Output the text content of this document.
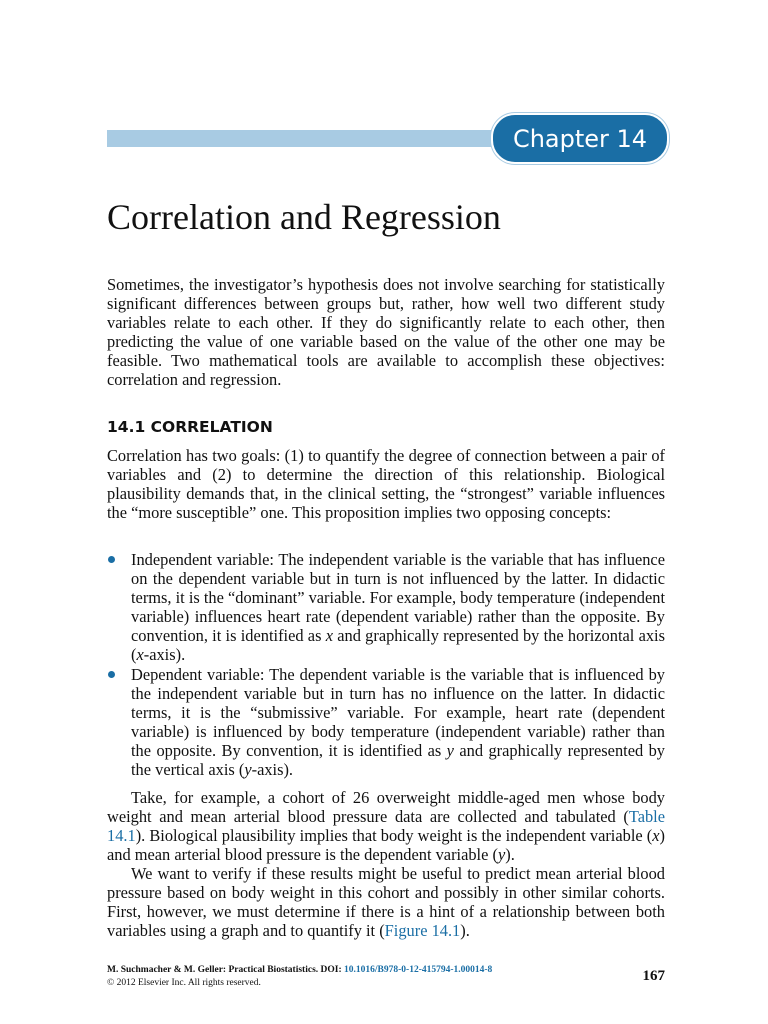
Chapter 14
Correlation and Regression

Sometimes, the investigator’s hypothesis does not involve searching for statistically significant differences between groups but, rather, how well two different study variables relate to each other. If they do significantly relate to each other, then predicting the value of one variable based on the value of the other one may be feasible. Two mathematical tools are available to accomplish these objectives: correlation and regression.

14.1 CORRELATION

Correlation has two goals: (1) to quantify the degree of connection between a pair of variables and (2) to determine the direction of this relationship. Biological plausibility demands that, in the clinical setting, the “strongest” variable influences the “more susceptible” one. This proposition implies two opposing concepts:

Independent variable: The independent variable is the variable that has influence on the dependent variable but in turn is not influenced by the latter. In didactic terms, it is the “dominant” variable. For example, body temperature (independent variable) influences heart rate (dependent variable) rather than the opposite. By convention, it is identified as x and graphically represented by the horizontal axis (x-axis).
Dependent variable: The dependent variable is the variable that is influenced by the independent variable but in turn has no influence on the latter. In didactic terms, it is the “submissive” variable. For example, heart rate (dependent variable) is influenced by body temperature (independent variable) rather than the opposite. By convention, it is identified as y and graphically represented by the vertical axis (y-axis).

Take, for example, a cohort of 26 overweight middle-aged men whose body weight and mean arterial blood pressure data are collected and tabulated (Table 14.1). Biological plausibility implies that body weight is the independent variable (x) and mean arterial blood pressure is the dependent variable (y).

We want to verify if these results might be useful to predict mean arterial blood pressure based on body weight in this cohort and possibly in other similar cohorts. First, however, we must determine if there is a hint of a relationship between both variables using a graph and to quantify it (Figure 14.1).

M. Suchmacher & M. Geller: Practical Biostatistics. DOI: 10.1016/B978-0-12-415794-1.00014-8
© 2012 Elsevier Inc. All rights reserved.	167
